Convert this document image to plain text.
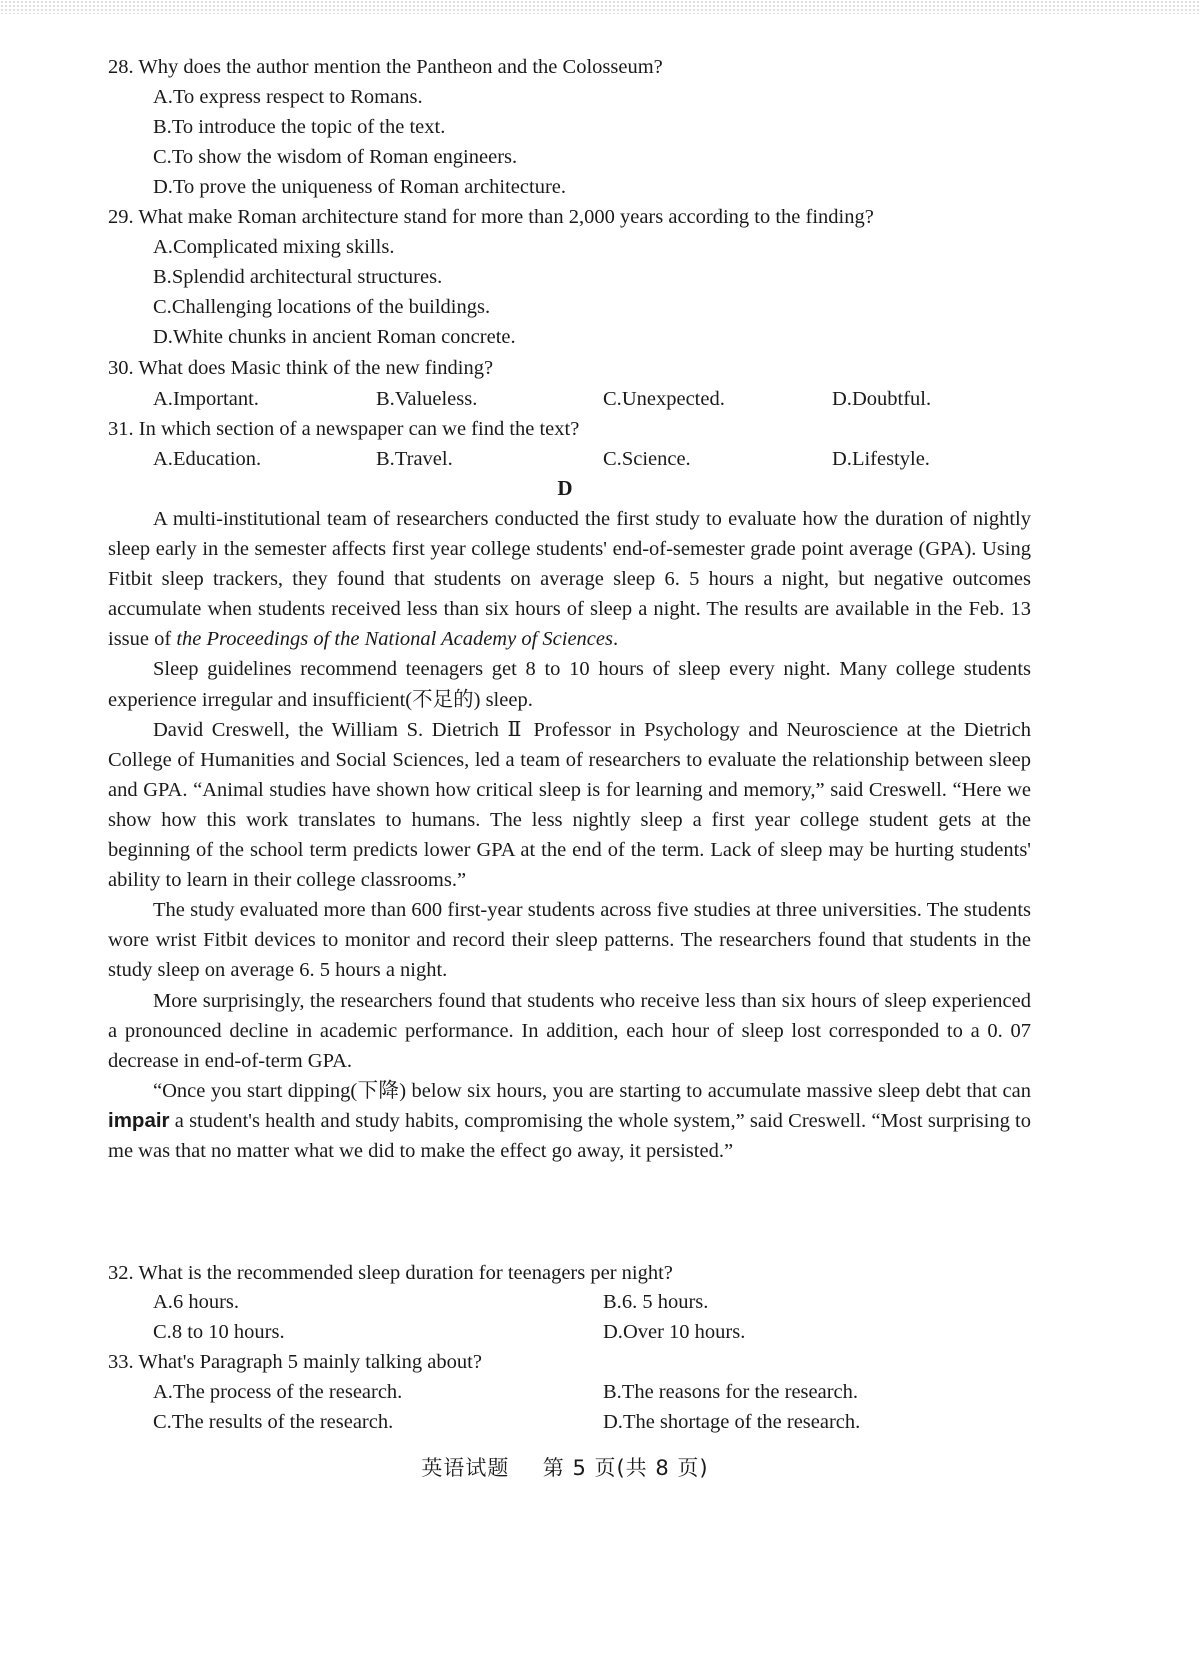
28. Why does the author mention the Pantheon and the Colosseum?
A.To express respect to Romans.
B.To introduce the topic of the text.
C.To show the wisdom of Roman engineers.
D.To prove the uniqueness of Roman architecture.
29. What make Roman architecture stand for more than 2,000 years according to the finding?
A.Complicated mixing skills.
B.Splendid architectural structures.
C.Challenging locations of the buildings.
D.White chunks in ancient Roman concrete.
30. What does Masic think of the new finding?
A.Important.	B.Valueless.	C.Unexpected.	D.Doubtful.
31. In which section of a newspaper can we find the text?
A.Education.	B.Travel.	C.Science.	D.Lifestyle.
D

A multi-institutional team of researchers conducted the first study to evaluate how the duration of nightly sleep early in the semester affects first year college students' end-of-semester grade point average (GPA). Using Fitbit sleep trackers, they found that students on average sleep 6. 5 hours a night, but negative outcomes accumulate when students received less than six hours of sleep a night. The results are available in the Feb. 13 issue of the Proceedings of the National Academy of Sciences.

Sleep guidelines recommend teenagers get 8 to 10 hours of sleep every night. Many college students experience irregular and insufficient(不足的) sleep.

David Creswell, the William S. Dietrich Ⅱ Professor in Psychology and Neuroscience at the Dietrich College of Humanities and Social Sciences, led a team of researchers to evaluate the relationship between sleep and GPA. “Animal studies have shown how critical sleep is for learning and memory,” said Creswell. “Here we show how this work translates to humans. The less nightly sleep a first year college student gets at the beginning of the school term predicts lower GPA at the end of the term. Lack of sleep may be hurting students' ability to learn in their college classrooms.”

The study evaluated more than 600 first-year students across five studies at three universities. The students wore wrist Fitbit devices to monitor and record their sleep patterns. The researchers found that students in the study sleep on average 6. 5 hours a night.

More surprisingly, the researchers found that students who receive less than six hours of sleep experienced a pronounced decline in academic performance. In addition, each hour of sleep lost corresponded to a 0. 07 decrease in end-of-term GPA.

“Once you start dipping(下降) below six hours, you are starting to accumulate massive sleep debt that can impair a student's health and study habits, compromising the whole system,” said Creswell. “Most surprising to me was that no matter what we did to make the effect go away, it persisted.”

32. What is the recommended sleep duration for teenagers per night?
A.6 hours.	B.6. 5 hours.
C.8 to 10 hours.	D.Over 10 hours.
33. What's Paragraph 5 mainly talking about?
A.The process of the research.	B.The reasons for the research.
C.The results of the research.	D.The shortage of the research.
英语试题 第 5 页(共 8 页)
